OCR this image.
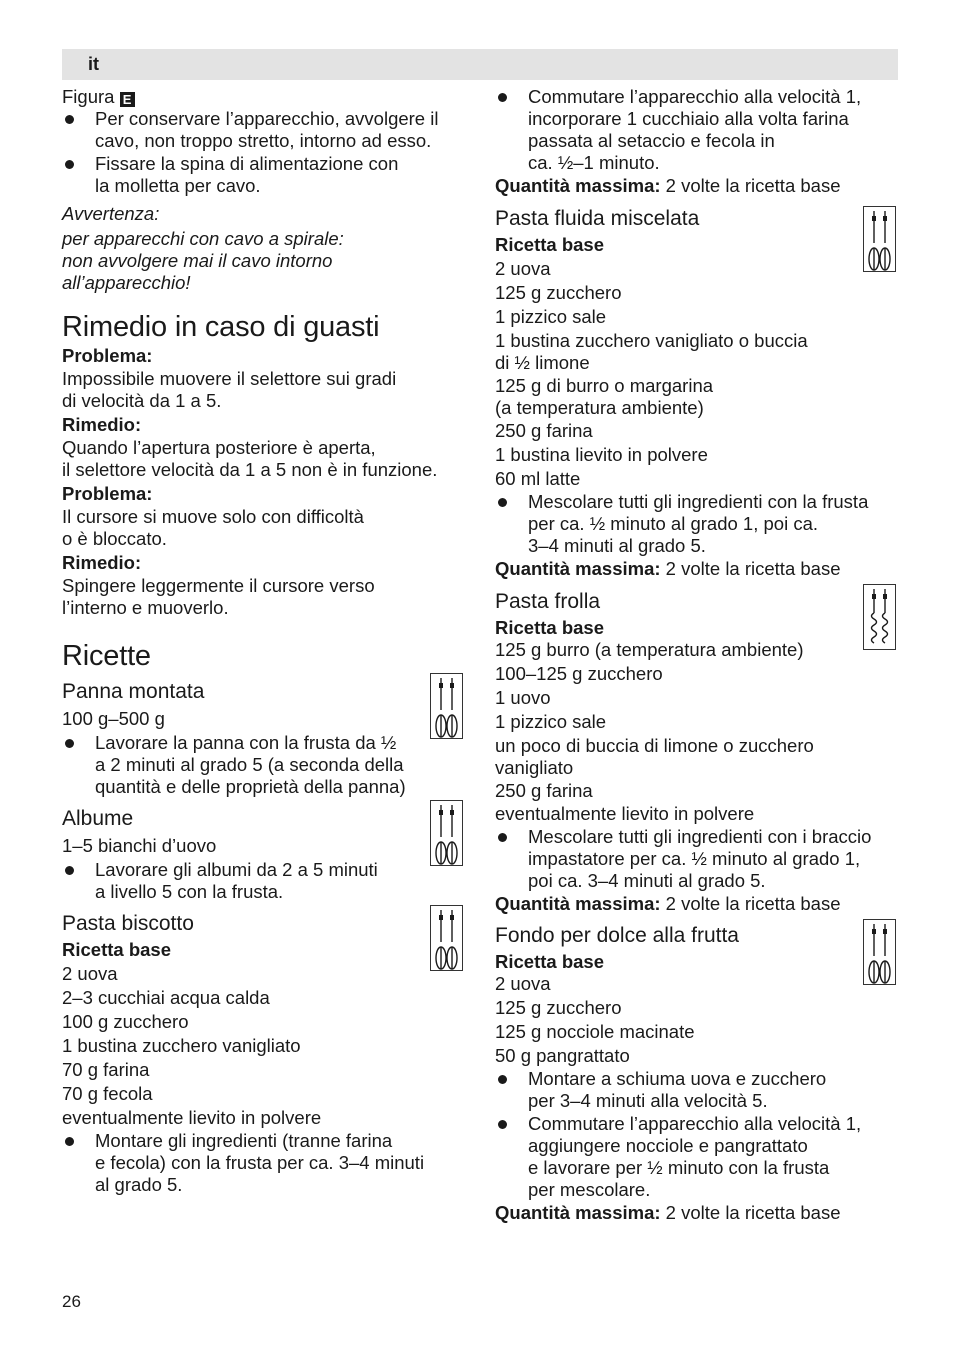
it

Figura E

Per conservare l’apparecchio, avvolgere il
cavo, non troppo stretto, intorno ad esso.
Fissare la spina di alimentazione con
la molletta per cavo.

Avvertenza:

per apparecchi con cavo a spirale:
non avvolgere mai il cavo intorno
all’apparecchio!

Rimedio in caso di guasti

Problema:

Impossibile muovere il selettore sui gradi
di velocità da 1 a 5.

Rimedio:

Quando l’apertura posteriore è aperta,
il selettore velocità da 1 a 5 non è in funzione.

Problema:

Il cursore si muove solo con difficoltà
o è bloccato.

Rimedio:

Spingere leggermente il cursore verso
l’interno e muoverlo.

Ricette
Panna montata

100 g–500 g

Lavorare la panna con la frusta da ½
a 2 minuti al grado 5 (a seconda della
quantità e delle proprietà della panna)
Albume

1–5 bianchi d’uovo

Lavorare gli albumi da 2 a 5 minuti
a livello 5 con la frusta.
Pasta biscotto

Ricetta base

2 uova

2–3 cucchiai acqua calda

100 g zucchero

1 bustina zucchero vanigliato

70 g farina

70 g fecola

eventualmente lievito in polvere

Montare gli ingredienti (tranne farina
e fecola) con la frusta per ca. 3–4 minuti
al grado 5.
Commutare l’apparecchio alla velocità 1,
incorporare 1 cucchiaio alla volta farina
passata al setaccio e fecola in
ca. ½–1 minuto.

Quantità massima: 2 volte la ricetta base

Pasta fluida miscelata

Ricetta base

2 uova

125 g zucchero

1 pizzico sale

1 bustina zucchero vanigliato o buccia
di ½ limone

125 g di burro o margarina
(a temperatura ambiente)

250 g farina

1 bustina lievito in polvere

60 ml latte

Mescolare tutti gli ingredienti con la frusta
per ca. ½ minuto al grado 1, poi ca.
3–4 minuti al grado 5.

Quantità massima: 2 volte la ricetta base

Pasta frolla

Ricetta base

125 g burro (a temperatura ambiente)

100–125 g zucchero

1 uovo

1 pizzico sale

un poco di buccia di limone o zucchero
vanigliato

250 g farina

eventualmente lievito in polvere

Mescolare tutti gli ingredienti con i braccio
impastatore per ca. ½ minuto al grado 1,
poi ca. 3–4 minuti al grado 5.

Quantità massima: 2 volte la ricetta base

Fondo per dolce alla frutta

Ricetta base

2 uova

125 g zucchero

125 g nocciole macinate

50 g pangrattato

Montare a schiuma uova e zucchero
per 3–4 minuti alla velocità 5.
Commutare l’apparecchio alla velocità 1,
aggiungere nocciole e pangrattato
e lavorare per ½ minuto con la frusta
per mescolare.

Quantità massima: 2 volte la ricetta base

26
